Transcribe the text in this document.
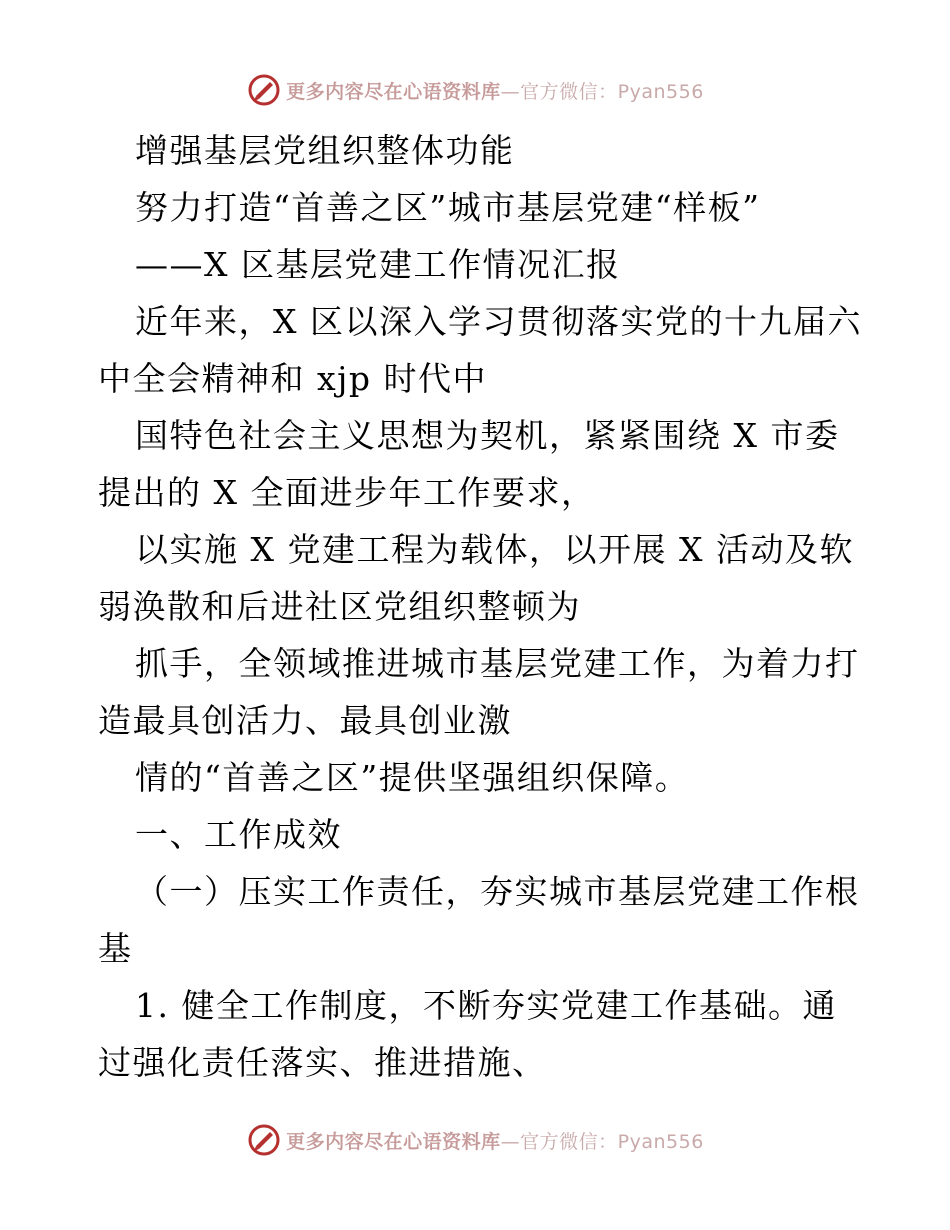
更多内容尽在心语资料库—官方微信：Pyan556
增强基层党组织整体功能
努力打造“首善之区”城市基层党建“样板”
——X 区基层党建工作情况汇报
近年来，X 区以深入学习贯彻落实党的十九届六
中全会精神和 xjp 时代中
国特色社会主义思想为契机，紧紧围绕 X 市委
提出的 X 全面进步年工作要求，
以实施 X 党建工程为载体，以开展 X 活动及软
弱涣散和后进社区党组织整顿为
抓手，全领域推进城市基层党建工作，为着力打
造最具创活力、最具创业激
情的“首善之区”提供坚强组织保障。
一、工作成效
（一）压实工作责任，夯实城市基层党建工作根
基
1. 健全工作制度，不断夯实党建工作基础。通
过强化责任落实、推进措施、
更多内容尽在心语资料库—官方微信：Pyan556
